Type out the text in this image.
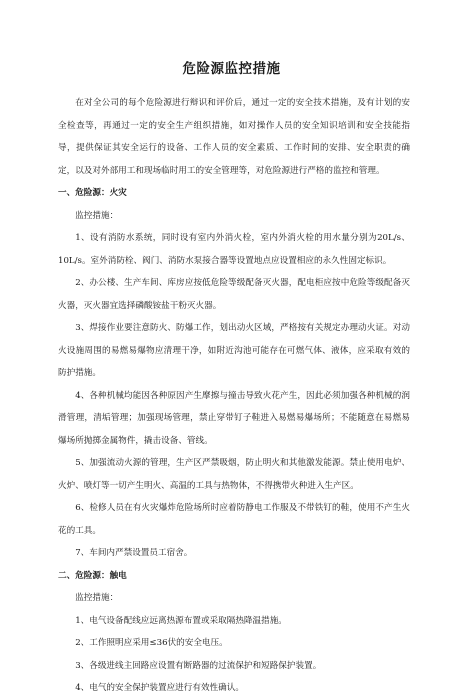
危险源监控措施

在对全公司的每个危险源进行辩识和评价后，通过一定的安全技术措施，及有计划的安全检查等，再通过一定的安全生产组织措施，如对操作人员的安全知识培训和安全技能指导，提供保证其安全运行的设备、工作人员的安全素质、工作时间的安排、安全职责的确定，以及对外部用工和现场临时用工的安全管理等，对危险源进行严格的监控和管理。

一、危险源：火灾

监控措施：

1、设有消防水系统，同时设有室内外消火栓，室内外消火栓的用水量分别为20L/s、10L/s。室外消防栓、阀门、消防水泵接合器等设置地点应设置相应的永久性固定标识。

2、办公楼、生产车间、库房应按低危险等级配备灭火器，配电柜应按中危险等级配备灭火器，灭火器宜选择磷酸铵盐干粉灭火器。

3、焊接作业要注意防火、防爆工作，划出动火区域，严格按有关规定办理动火证。对动火设施周围的易燃易爆物应清理干净，如附近沟池可能存在可燃气体、液体，应采取有效的防护措施。

4、各种机械均能因各种原因产生摩擦与撞击导致火花产生，因此必须加强各种机械的润滑管理，清垢管理；加强现场管理，禁止穿带钉子鞋进入易燃易爆场所；不能随意在易燃易爆场所抛掷金属物件，撬击设备、管线。

5、加强流动火源的管理，生产区严禁吸烟，防止明火和其他激发能源。禁止使用电炉、火炉、喷灯等一切产生明火、高温的工具与热物体，不得携带火种进入生产区。

6、检修人员在有火灾爆炸危险场所时应着防静电工作服及不带铁钉的鞋，使用不产生火花的工具。

7、车间内严禁设置员工宿舍。

二、危险源：触电

监控措施：

1、电气设备配线应远离热源布置或采取隔热降温措施。

2、工作照明应采用≤36伏的安全电压。

3、各级进线主回路应设置有断路器的过流保护和短路保护装置。

4、电气的安全保护装置应进行有效性确认。
